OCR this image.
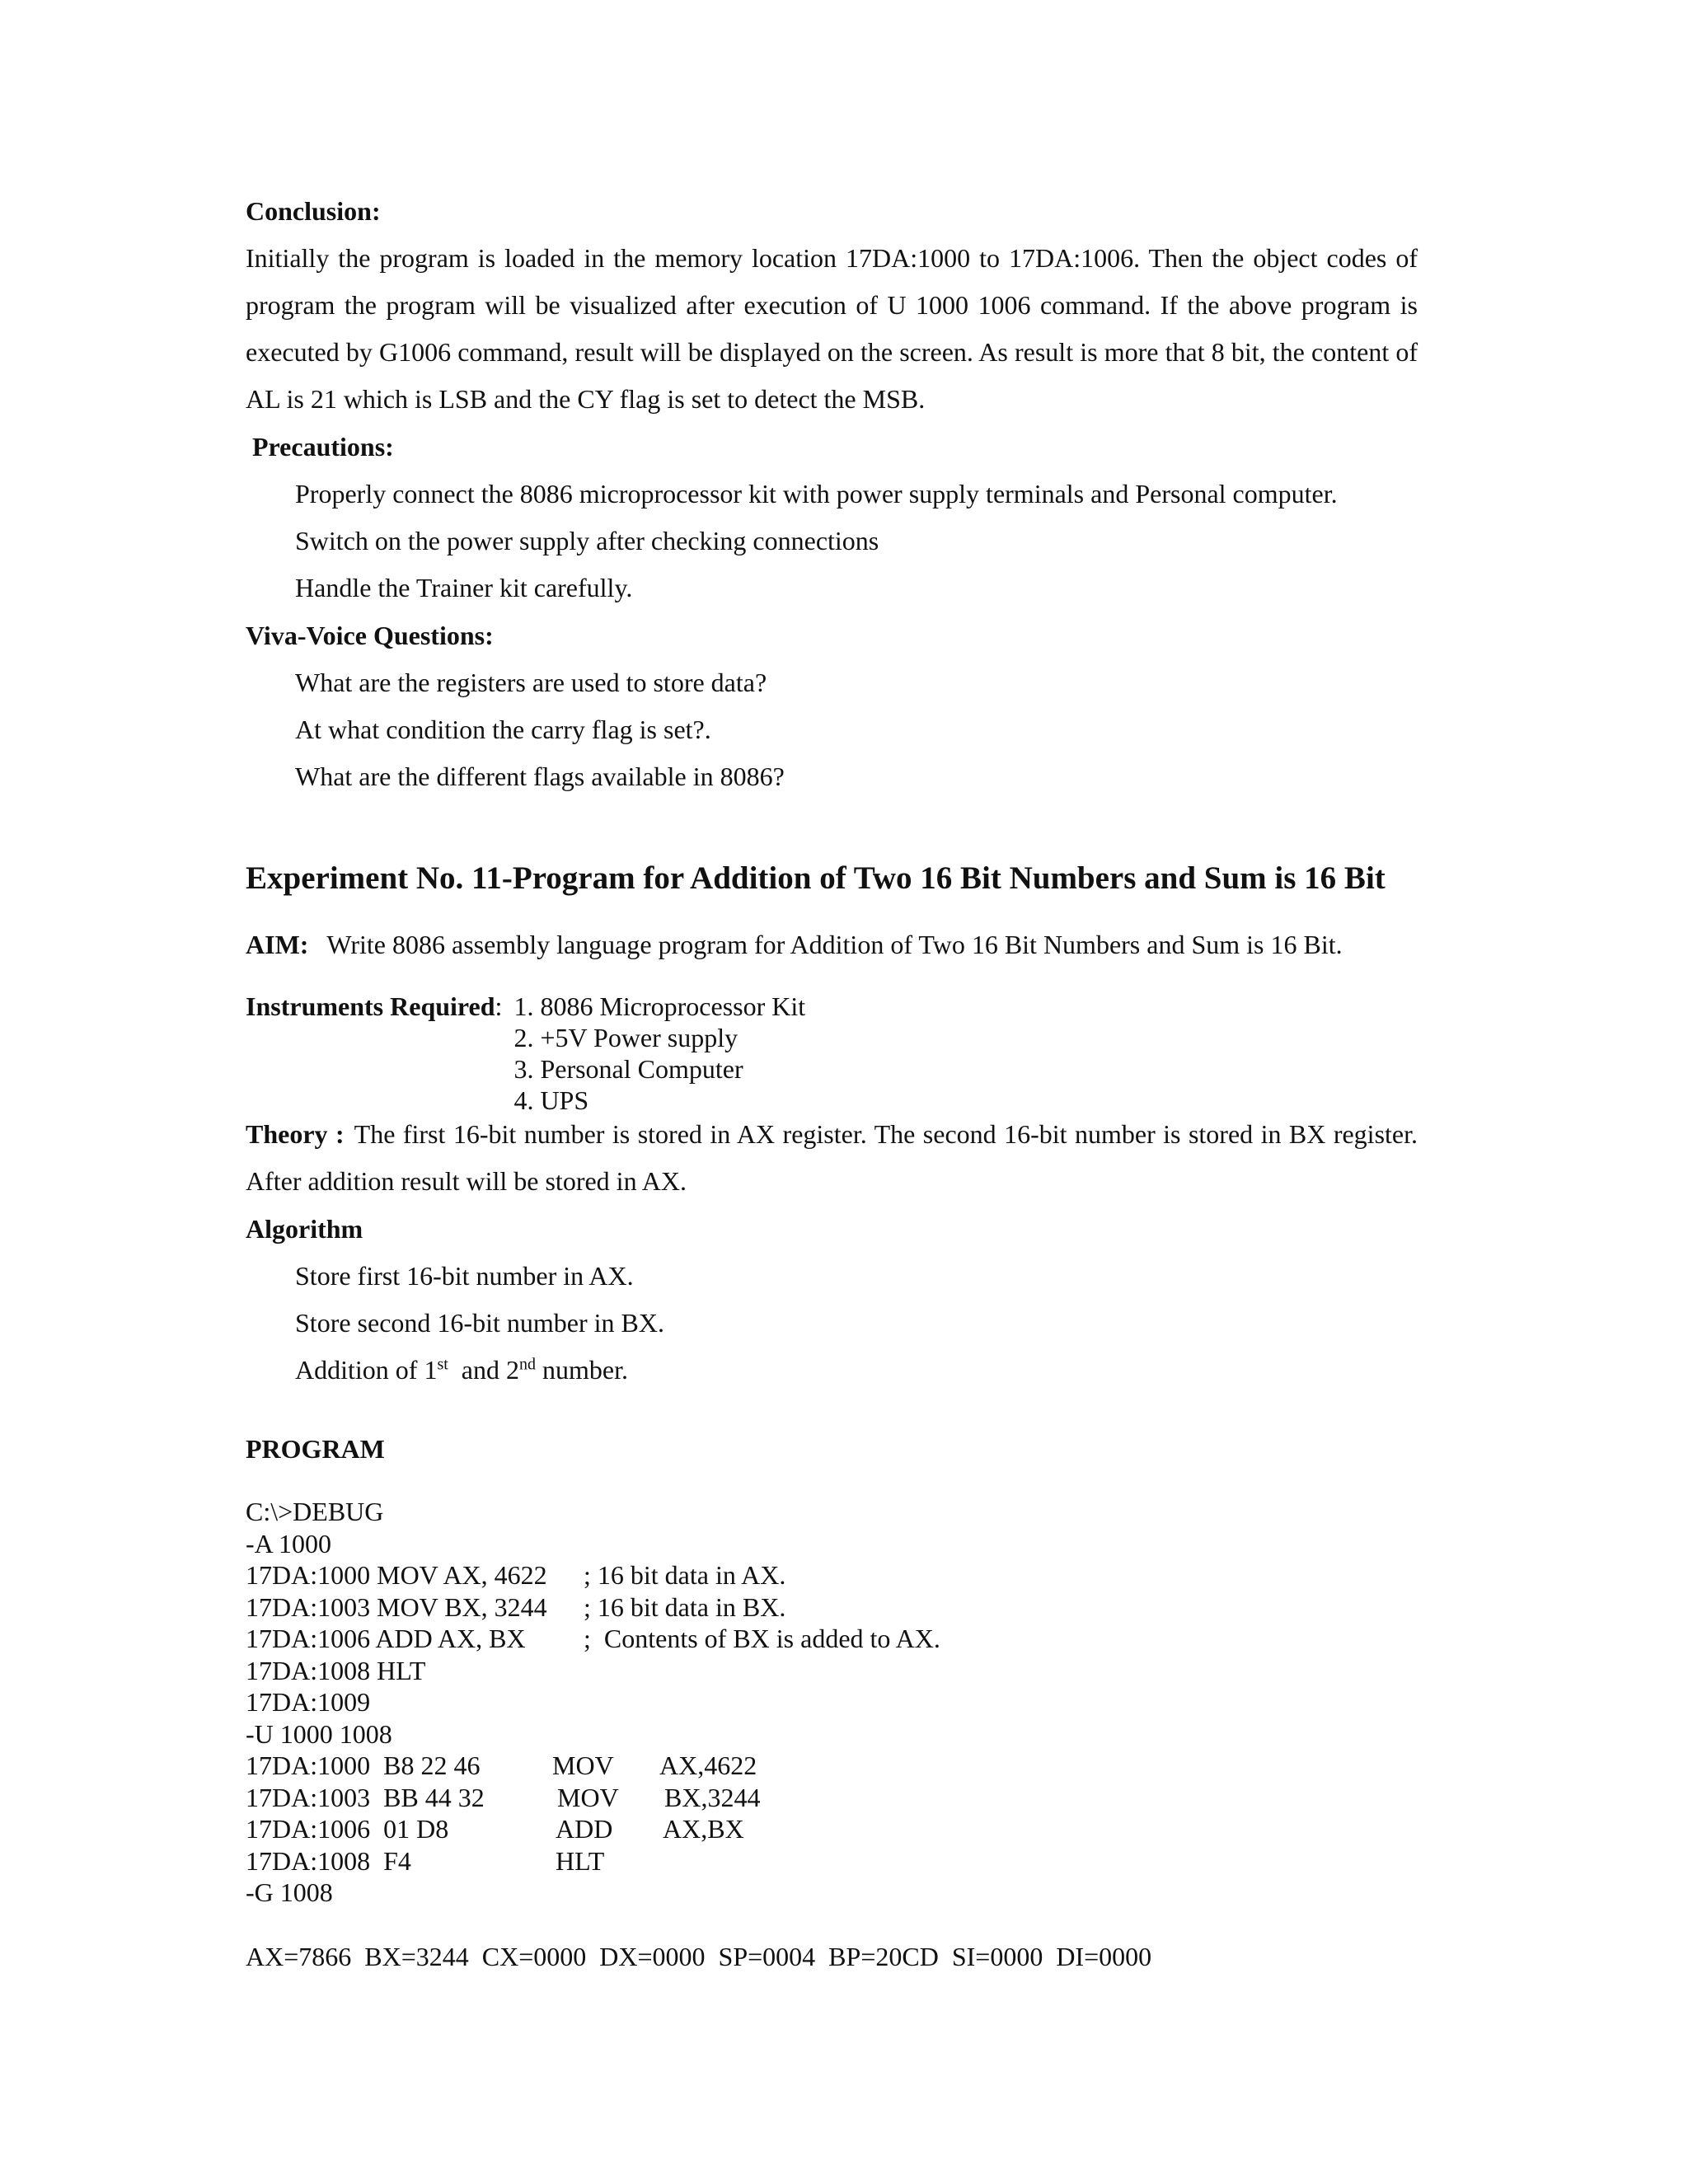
Conclusion:

Initially the program is loaded in the memory location 17DA:1000 to 17DA:1006. Then the object codes of program the program will be visualized after execution of U 1000 1006 command. If the above program is executed by G1006 command, result will be displayed on the screen. As result is more that 8 bit, the content of AL is 21 which is LSB and the CY flag is set to detect the MSB.

Precautions:

Properly connect the 8086 microprocessor kit with power supply terminals and Personal computer.
Switch on the power supply after checking connections
Handle the Trainer kit carefully.

Viva-Voice Questions:

What are the registers are used to store data?
At what condition the carry flag is set?.
What are the different flags available in 8086?

Experiment No. 11-Program for Addition of Two 16 Bit Numbers and Sum is 16 Bit

AIM: Write 8086 assembly language program for Addition of Two 16 Bit Numbers and Sum is 16 Bit.

Instruments Required: 1. 8086 Microprocessor Kit
2. +5V Power supply
3. Personal Computer
4. UPS

Theory : The first 16-bit number is stored in AX register. The second 16-bit number is stored in BX register. After addition result will be stored in AX.

Algorithm

Store first 16-bit number in AX.
Store second 16-bit number in BX.
Addition of 1st  and 2nd number.

PROGRAM

C:\>DEBUG
-A 1000
17DA:1000 MOV AX, 4622	; 16 bit data in AX.
17DA:1003 MOV BX, 3244	; 16 bit data in BX.
17DA:1006 ADD AX, BX	;  Contents of BX is added to AX.
17DA:1008 HLT
17DA:1009
-U 1000 1008
17DA:1000  B8 22 46	MOV	AX,4622
17DA:1003  BB 44 32	MOV	BX,3244
17DA:1006  01 D8	ADD	AX,BX
17DA:1008  F4	HLT
-G 1008
AX=7866  BX=3244  CX=0000  DX=0000  SP=0004  BP=20CD  SI=0000  DI=0000
